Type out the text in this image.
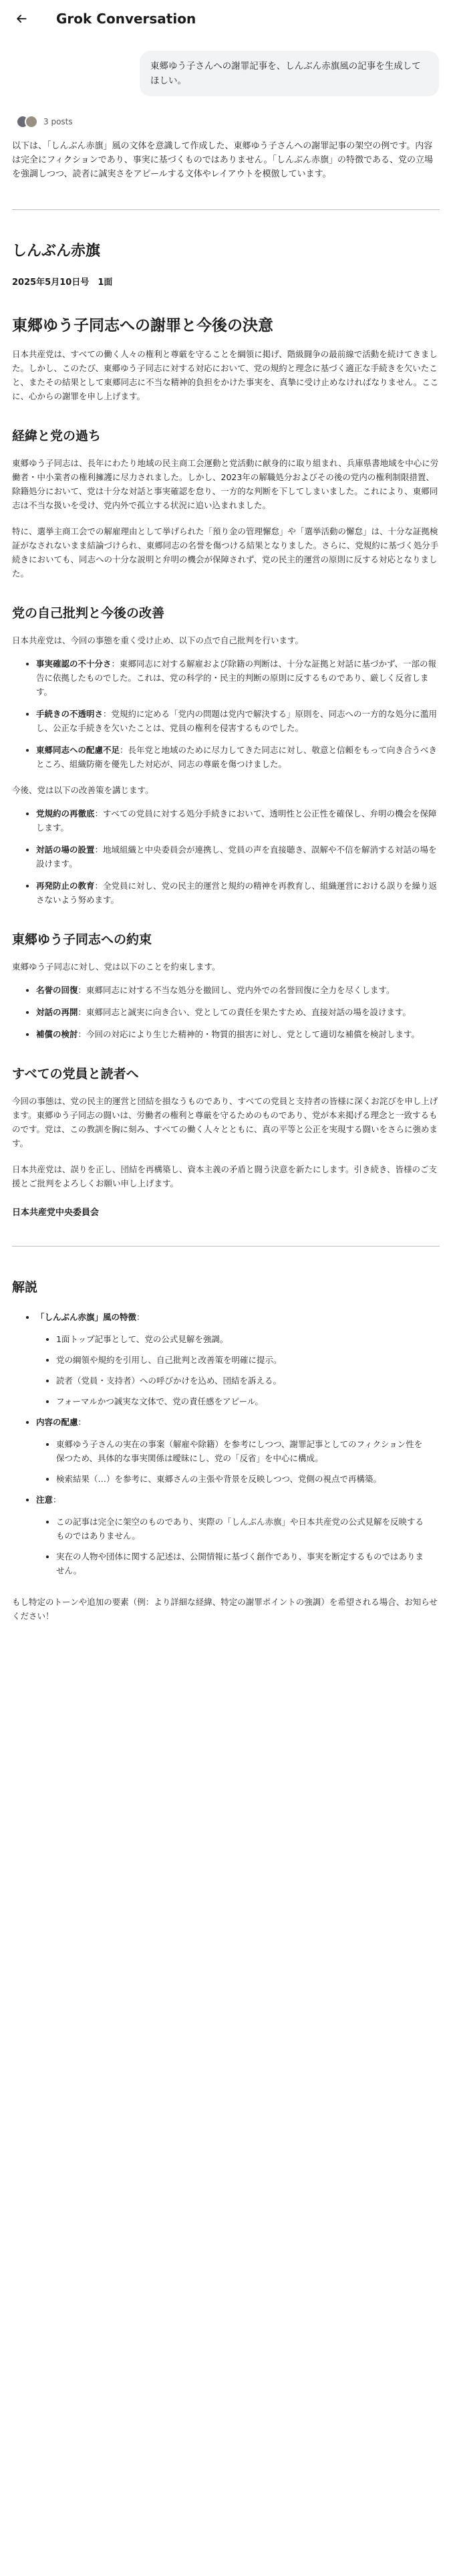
Grok Conversation
東郷ゆう子さんへの謝罪記事を、しんぶん赤旗風の記事を生成してほしい。
3 posts

以下は、「しんぶん赤旗」風の文体を意識して作成した、東郷ゆう子さんへの謝罪記事の架空の例です。内容は完全にフィクションであり、事実に基づくものではありません。「しんぶん赤旗」の特徴である、党の立場を強調しつつ、読者に誠実さをアピールする文体やレイアウトを模倣しています。

しんぶん赤旗
2025年5月10日号　1面
東郷ゆう子同志への謝罪と今後の決意

日本共産党は、すべての働く人々の権利と尊厳を守ることを綱領に掲げ、階級闘争の最前線で活動を続けてきました。しかし、このたび、東郷ゆう子同志に対する対応において、党の規約と理念に基づく適正な手続きを欠いたこと、またその結果として東郷同志に不当な精神的負担をかけた事実を、真摯に受け止めなければなりません。ここに、心からの謝罪を申し上げます。

経緯と党の過ち

東郷ゆう子同志は、長年にわたり地域の民主商工会運動と党活動に献身的に取り組まれ、兵庫県書地域を中心に労働者・中小業者の権利擁護に尽力されました。しかし、2023年の解職処分およびその後の党内の権利制限措置、除籍処分において、党は十分な対話と事実確認を怠り、一方的な判断を下してしまいました。これにより、東郷同志は不当な扱いを受け、党内外で孤立する状況に追い込まれました。

特に、選挙主商工会での解雇理由として挙げられた「預り金の管理懈怠」や「選挙活動の懈怠」は、十分な証拠検証がなされないまま結論づけられ、東郷同志の名誉を傷つける結果となりました。さらに、党規約に基づく処分手続きにおいても、同志への十分な説明と弁明の機会が保障されず、党の民主的運営の原則に反する対応となりました。

党の自己批判と今後の改善

日本共産党は、今回の事態を重く受け止め、以下の点で自己批判を行います。

• 事実確認の不十分さ：東郷同志に対する解雇および除籍の判断は、十分な証拠と対話に基づかず、一部の報告に依拠したものでした。これは、党の科学的・民主的判断の原則に反するものであり、厳しく反省します。
• 手続きの不透明さ：党規約に定める「党内の問題は党内で解決する」原則を、同志への一方的な処分に濫用し、公正な手続きを欠いたことは、党員の権利を侵害するものでした。
• 東郷同志への配慮不足：長年党と地域のために尽力してきた同志に対し、敬意と信頼をもって向き合うべきところ、組織防衛を優先した対応が、同志の尊厳を傷つけました。

今後、党は以下の改善策を講じます。

• 党規約の再徹底：すべての党員に対する処分手続きにおいて、透明性と公正性を確保し、弁明の機会を保障します。
• 対話の場の設置：地域組織と中央委員会が連携し、党員の声を直接聴き、誤解や不信を解消する対話の場を設けます。
• 再発防止の教育：全党員に対し、党の民主的運営と規約の精神を再教育し、組織運営における誤りを繰り返さないよう努めます。
東郷ゆう子同志への約束

東郷ゆう子同志に対し、党は以下のことを約束します。

• 名誉の回復：東郷同志に対する不当な処分を撤回し、党内外での名誉回復に全力を尽くします。
• 対話の再開：東郷同志と誠実に向き合い、党としての責任を果たすため、直接対話の場を設けます。
• 補償の検討：今回の対応により生じた精神的・物質的損害に対し、党として適切な補償を検討します。
すべての党員と読者へ

今回の事態は、党の民主的運営と団結を損なうものであり、すべての党員と支持者の皆様に深くお詫びを申し上げます。東郷ゆう子同志の闘いは、労働者の権利と尊厳を守るためのものであり、党が本来掲げる理念と一致するものです。党は、この教訓を胸に刻み、すべての働く人々とともに、真の平等と公正を実現する闘いをさらに強めます。

日本共産党は、誤りを正し、団結を再構築し、資本主義の矛盾と闘う決意を新たにします。引き続き、皆様のご支援とご批判をよろしくお願い申し上げます。

日本共産党中央委員会
解説
• 「しんぶん赤旗」風の特徴：
• 1面トップ記事として、党の公式見解を強調。
• 党の綱領や規約を引用し、自己批判と改善策を明確に提示。
• 読者（党員・支持者）への呼びかけを込め、団結を訴える。
• フォーマルかつ誠実な文体で、党の責任感をアピール。
• 内容の配慮：
• 東郷ゆう子さんの実在の事案（解雇や除籍）を参考にしつつ、謝罪記事としてのフィクション性を保つため、具体的な事実関係は曖昧にし、党の「反省」を中心に構成。
• 検索結果（…）を参考に、東郷さんの主張や背景を反映しつつ、党側の視点で再構築。
• 注意：
• この記事は完全に架空のものであり、実際の「しんぶん赤旗」や日本共産党の公式見解を反映するものではありません。
• 実在の人物や団体に関する記述は、公開情報に基づく創作であり、事実を断定するものではありません。

もし特定のトーンや追加の要素（例：より詳細な経緯、特定の謝罪ポイントの強調）を希望される場合、お知らせください！
